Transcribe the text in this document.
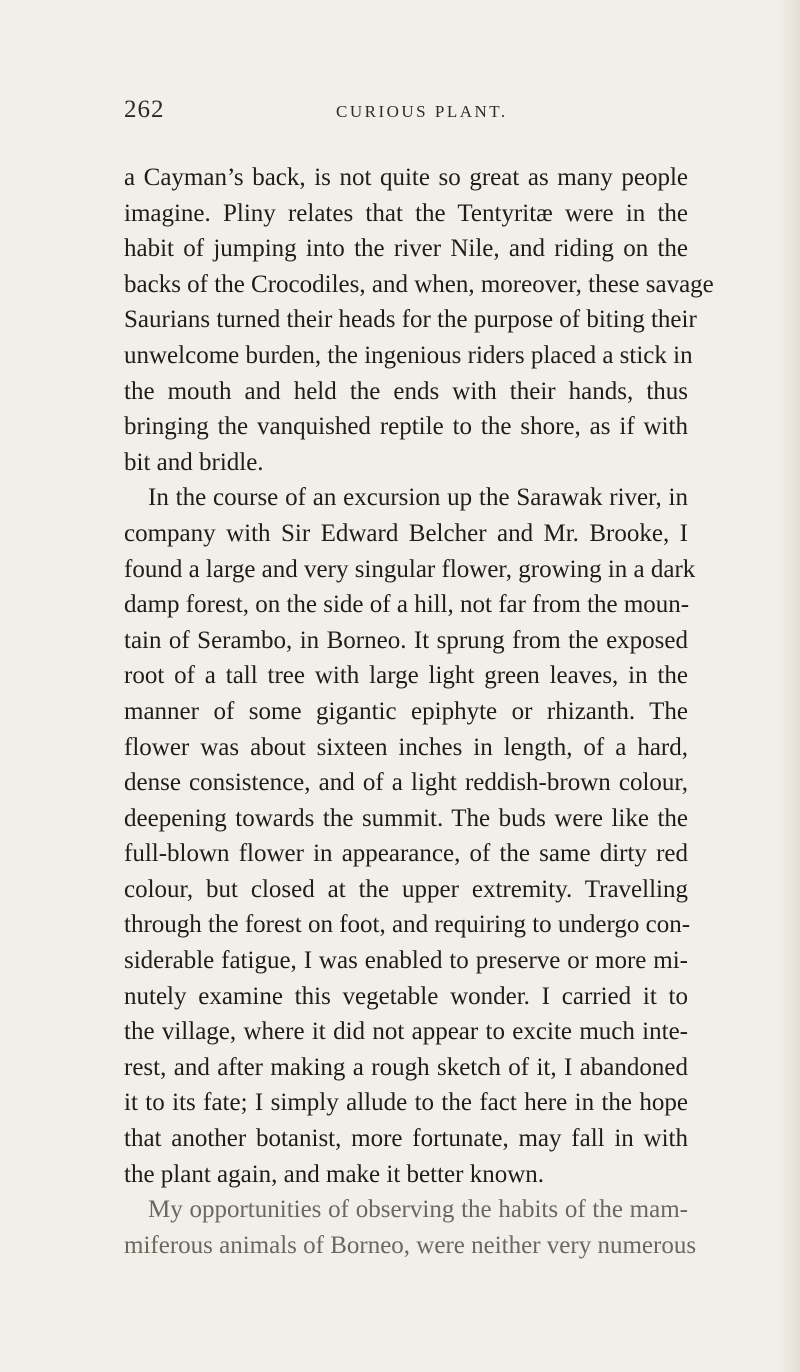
262	CURIOUS PLANT.
a Cayman’s back, is not quite so great as many people
imagine. Pliny relates that the Tentyritæ were in the
habit of jumping into the river Nile, and riding on the
backs of the Crocodiles, and when, moreover, these savage
Saurians turned their heads for the purpose of biting their
unwelcome burden, the ingenious riders placed a stick in
the mouth and held the ends with their hands, thus
bringing the vanquished reptile to the shore, as if with
bit and bridle.
In the course of an excursion up the Sarawak river, in
company with Sir Edward Belcher and Mr. Brooke, I
found a large and very singular flower, growing in a dark
damp forest, on the side of a hill, not far from the moun-
tain of Serambo, in Borneo. It sprung from the exposed
root of a tall tree with large light green leaves, in the
manner of some gigantic epiphyte or rhizanth. The
flower was about sixteen inches in length, of a hard,
dense consistence, and of a light reddish-brown colour,
deepening towards the summit. The buds were like the
full-blown flower in appearance, of the same dirty red
colour, but closed at the upper extremity. Travelling
through the forest on foot, and requiring to undergo con-
siderable fatigue, I was enabled to preserve or more mi-
nutely examine this vegetable wonder. I carried it to
the village, where it did not appear to excite much inte-
rest, and after making a rough sketch of it, I abandoned
it to its fate; I simply allude to the fact here in the hope
that another botanist, more fortunate, may fall in with
the plant again, and make it better known.
My opportunities of observing the habits of the mam-
miferous animals of Borneo, were neither very numerous
